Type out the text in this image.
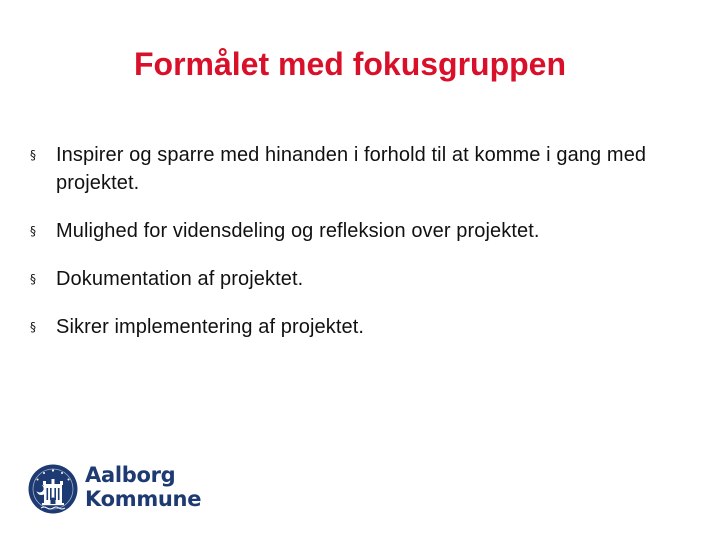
Formålet med fokusgruppen
§ Inspirer og sparre med hinanden i forhold til at komme i gang med projektet.
§ Mulighed for vidensdeling og refleksion over projektet.
§ Dokumentation af projektet.
§ Sikrer implementering af projektet.
Aalborg
Kommune
